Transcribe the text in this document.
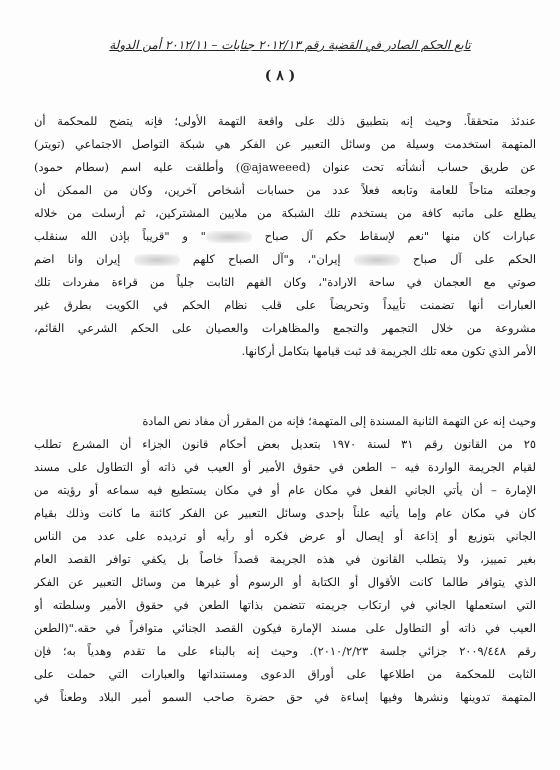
تابع الحكم الصادر في القضية رقم ٢٠١٢/١٣ جنايات – ٢٠١٢/١١ أمن الدولة
( ٨ )
عندئذ متحققاً. وحيث إنه بتطبيق ذلك على واقعة التهمة الأولى؛ فإنه يتضح للمحكمة أن
المتهمة استخدمت وسيلة من وسائل التعبير عن الفكر هي شبكة التواصل الاجتماعي (تويتر)
عن طريق حساب أنشأته تحت عنوان (ajaweeed@) وأطلقت عليه اسم (سطام حمود)
وجعلته متاحاً للعامة وتابعه فعلاً عدد من حسابات أشخاص آخرين، وكان من الممكن أن
يطلع على ماتبه كافة من يستخدم تلك الشبكة من ملايين المشتركين، ثم أرسلت من خلاله
عبارات كان منها "نعم لإسقاط حكم آل صباح " و "قريباً بإذن الله سنقلب
الحكم على آل صباح  إيران"، و"آل الصباح كلهم  إيران وانا اضم
صوتي مع العجمان في ساحة الارادة"، وكان الفهم الثابت جلياً من قراءة مفردات تلك
العبارات أنها تضمنت تأييداً وتحريضاً على قلب نظام الحكم في الكويت بطرق غير
مشروعة من خلال التجمهر والتجمع والمظاهرات والعصيان على الحكم الشرعي القائم،
الأمر الذي تكون معه تلك الجريمة قد ثبت قيامها بتكامل أركانها.
وحيث إنه عن التهمة الثانية المسندة إلى المتهمة؛ فإنه من المقرر أن مفاد نص المادة
٢٥ من القانون رقم ٣١ لسنة ١٩٧٠ بتعديل بعض أحكام قانون الجزاء أن المشرع تطلب
لقيام الجريمة الواردة فيه – الطعن في حقوق الأمير أو العيب في ذاته أو التطاول على مسند
الإمارة – أن يأتي الجاني الفعل في مكان عام أو في مكان يستطيع فيه سماعه أو رؤيته من
كان في مكان عام وإما يأتيه علناً بإحدى وسائل التعبير عن الفكر كائنة ما كانت وذلك بقيام
الجاني بتوزيع أو إذاعة أو إيصال أو عرض فكره أو رأيه أو ترديده على عدد من الناس
بغير تمييز، ولا يتطلب القانون في هذه الجريمة قصداً خاصاً بل يكفي توافر القصد العام
الذي يتوافر طالما كانت الأقوال أو الكتابة أو الرسوم أو غيرها من وسائل التعبير عن الفكر
التي استعملها الجاني في ارتكاب جريمته تتضمن بذاتها الطعن في حقوق الأمير وسلطته أو
العيب في ذاته أو التطاول على مسند الإمارة فيكون القصد الجنائي متوافراً في حقه."(الطعن
رقم ٢٠٠٩/٤٤٨ جزائي جلسة ٢٠١٠/٢/٢٣). وحيث إنه بالبناء على ما تقدم وهدياً به؛ فإن
الثابت للمحكمة من اطلاعها على أوراق الدعوى ومستنداتها والعبارات التي حملت على
المتهمة تدوينها ونشرها وفيها إساءة في حق حضرة صاحب السمو أمير البلاد وطعناً في
